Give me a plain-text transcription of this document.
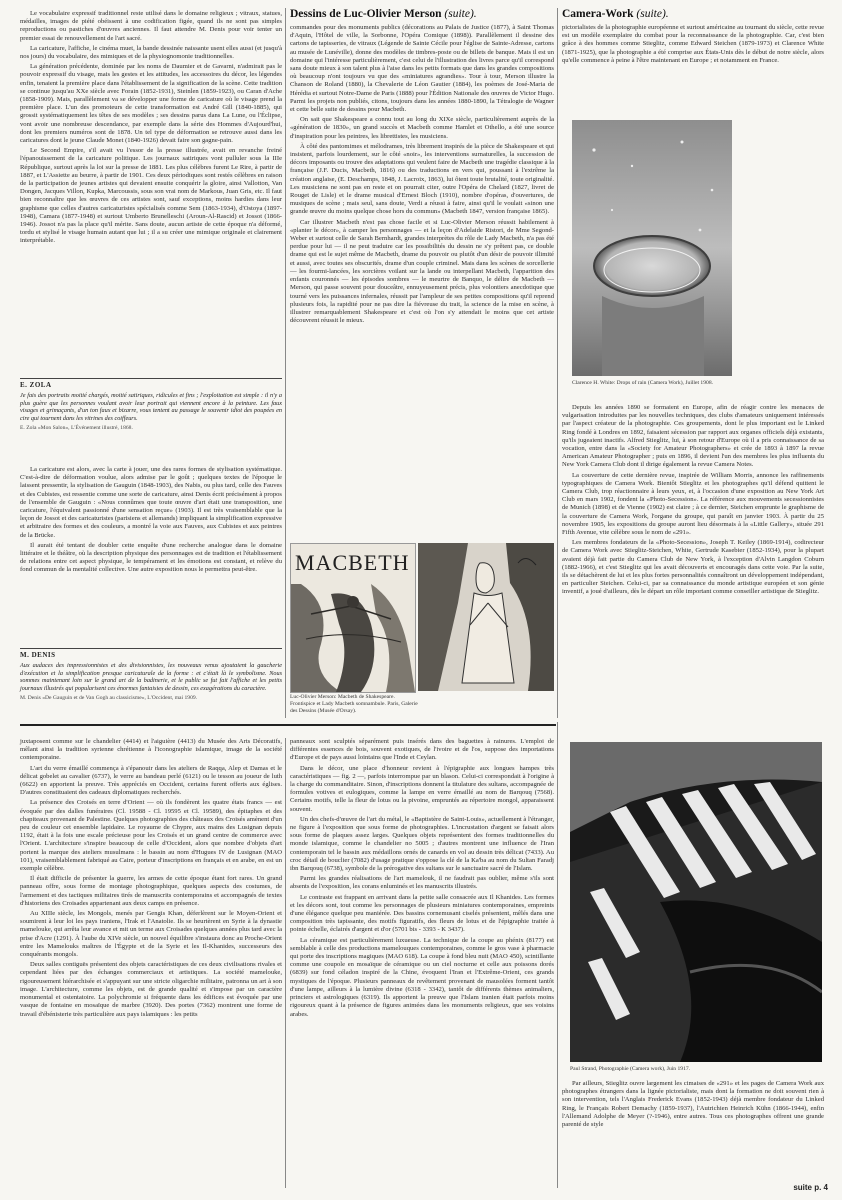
Le vocabulaire expressif traditionnel reste utilisé dans le domaine religieux ; vitraux, statues, médailles, images de piété obéissent à une codification figée, quand ils ne sont pas simples reproductions ou pastiches d'œuvres anciennes. Il faut attendre M. Denis pour voir tenter un premier essai de renouvellement de l'art sacré.

La caricature, l'affiche, le cinéma muet, la bande dessinée naissante usent elles aussi (et jusqu'à nos jours) du vocabulaire, des mimiques et de la physiognomonie traditionnelles.

La génération précédente, dominée par les noms de Daumier et de Gavarni, n'admirait pas le pouvoir expressif du visage, mais les gestes et les attitudes, les accessoires du décor, les légendes enfin, tenaient la première place dans l'établissement de la signification de la scène. Cette tradition se continue jusqu'au XXe siècle avec Forain (1852-1931), Steinlen (1859-1923), ou Caran d'Ache (1858-1909). Mais, parallèlement va se développer une forme de caricature où le visage prend la première place. L'un des promoteurs de cette transformation est André Gill (1840-1885), qui grossit systématiquement les têtes de ses modèles ; ses dessins parus dans La Lune, ou l'Éclipse, vont avoir une nombreuse descendance, par exemple dans la série des Hommes d'Aujourd'hui, dont les premiers numéros sont de 1878. Un tel type de déformation se retrouve aussi dans les caricatures dont le jeune Claude Monet (1840-1926) devait faire son gagne-pain.

Le Second Empire, s'il avait vu l'essor de la presse illustrée, avait en revanche freiné l'épanouissement de la caricature politique. Les journaux satiriques vont pulluler sous la IIIe République, surtout après la loi sur la presse de 1881. Les plus célèbres furent Le Rire, à partir de 1887, et L'Assiette au beurre, à partir de 1901. Ces deux périodiques sont restés célèbres en raison de la participation de jeunes artistes qui devaient ensuite conquérir la gloire, ainsi Vallotton, Van Dongen, Jacques Villon, Kupka, Marcoussis, sous son vrai nom de Markous, Juan Gris, etc. Il faut bien reconnaître que les œuvres de ces artistes sont, sauf exceptions, moins hardies dans leur graphisme que celles d'autres caricaturistes spécialisés comme Sem (1863-1934), d'Ostoya (1897-1948), Camara (1877-1948) et surtout Umberto Brunelleschi (Aroun-Al-Rascid) et Jossot (1866-1946). Jossot n'a pas la place qu'il mérite. Sans doute, aucun artiste de cette époque n'a déformé, tordu et stylisé le visage humain autant que lui ; il a su créer une mimique originale et clairement interprétable.

E. ZOLA
Je fais des portraits moitié chargés, moitié satiriques, ridicules et fins ; l'exploitation est simple : il n'y a plus guère que les personnes voulant avoir leur portrait qui viennent encore à la peinture. Les faux visages et grimaçants, d'un ton faux et bizarre, vous tentent au passage le souvenir idiot des poupées en cire qui tournent dans les vitrines des coiffeurs.
E. Zola «Mon Salon», L'Événement illustré, 1868.

La caricature est alors, avec la carte à jouer, une des rares formes de stylisation systématique. C'est-à-dire de déformation voulue, alors admise par le goût ; quelques textes de l'époque le laissent pressentir, la stylisation de Gauguin (1848-1903), des Nabis, ou plus tard, celle des Fauves et des Cubistes, est ressentie comme une sorte de caricature, ainsi Denis écrit précisément à propos de l'ensemble de Gauguin : «Nous connûmes que toute œuvre d'art était une transposition, une caricature, l'équivalent passionné d'une sensation reçue» (1903). Il est très vraisemblable que la leçon de Jossot et des caricaturistes (parisiens et allemands) impliquant la simplification expressive et arbitraire des formes et des couleurs, a montré la voie aux Fauves, aux Cubistes et aux peintres de la Brücke.

Il aurait été tentant de doubler cette enquête d'une recherche analogue dans le domaine littéraire et le théâtre, où la description physique des personnages est de tradition et l'établissement de relations entre cet aspect physique, le tempérament et les émotions est constant, et relève du fond commun de la mentalité collective. Une autre exposition nous le permettra peut-être.

M. DENIS
Aux audaces des impressionnistes et des divisionnistes, les nouveaux venus ajoutaient la gaucherie d'exécution et la simplification presque caricaturale de la forme : et c'était là le symbolisme. Nous sommes maintenant loin sur le grand art de la badinerie, et le public se fut fait l'affiche et les petits journaux illustrés qui popularisent ces énormes fantaisies de dessin, ces exagérations du caractère.
M. Denis «De Gauguin et de Van Gogh au classicisme», L'Occident, mai 1909.
Dessins de Luc-Olivier Merson (suite).

commandes pour des monuments publics (décorations au Palais de Justice (1877), à Saint Thomas d'Aquin, l'Hôtel de ville, la Sorbonne, l'Opéra Comique (1898)). Parallèlement il dessine des cartons de tapisseries, de vitraux (Légende de Sainte Cécile pour l'église de Sainte-Adresse, cartons au musée de Lunéville), donne des modèles de timbres-poste ou de billets de banque. Mais il est un domaine qui l'intéresse particulièrement, c'est celui de l'illustration des livres parce qu'il correspond sans doute mieux à son talent plus à l'aise dans les petits formats que dans les grandes compositions où beaucoup n'ont toujours vu que des «miniatures agrandies». Tour à tour, Merson illustre la Chanson de Roland (1880), la Chevalerie de Léon Gautier (1884), les poèmes de José-Maria de Hérédia et surtout Notre-Dame de Paris (1888) pour l'Édition Nationale des œuvres de Victor Hugo. Parmi les projets non publiés, citons, toujours dans les années 1880-1890, la Tétralogie de Wagner et cette belle suite de dessins pour Macbeth.

On sait que Shakespeare a connu tout au long du XIXe siècle, particulièrement auprès de la «génération de 1830», un grand succès et Macbeth comme Hamlet et Othello, a été une source d'inspiration pour les peintres, les librettistes, les musiciens.

À côté des pantomimes et mélodrames, très librement inspirés de la pièce de Shakespeare et qui insistent, parfois lourdement, sur le côté «noir», les interventions surnaturelles, la succession de décors imposants ou trouve des adaptations qui veulent faire de Macbeth une tragédie classique à la française (J.F. Ducis, Macbeth, 1816) ou des traductions en vers qui, poussant à l'extrême la création anglaise, (E. Deschamps, 1848, J. Lacroix, 1863), lui ôtent toute brutalité, toute originalité. Les musiciens ne sont pas en reste et on pourrait citer, outre l'Opéra de Chelard (1827, livret de Rouget de Lisle) et le drame musical d'Ernest Bloch (1910), nombre d'opéras, d'ouvertures, de musiques de scène ; mais seul, sans doute, Verdi a réussi à faire, ainsi qu'il le voulait «sinon une grande œuvre du moins quelque chose hors du commun» (Macbeth 1847, version française 1865).

Car illustrer Macbeth n'est pas chose facile et si Luc-Olivier Merson réussit habilement à «planter le décor», à camper les personnages — et la leçon d'Adelaide Ristori, de Mme Segond-Weber et surtout celle de Sarah Bernhardt, grandes interprètes du rôle de Lady Macbeth, n'a pas été perdue pour lui — il ne peut traduire car les possibilités du dessin ne s'y prêtent pas, ce double drame qui est le sujet même de Macbeth, drame du pouvoir ou plutôt d'un désir de pouvoir illimité et aussi, avec toutes ses obscurités, drame d'un couple criminel. Mais dans les scènes de sorcellerie — les fourmi-lancées, les sorcières voilant sur la lande ou interpellant Macbeth, l'apparition des enfants couronnés — les épisodes sombres — le meurtre de Banquo, le délire de Macbeth — Merson, qui passe souvent pour douceâtre, ennuyeusement précis, plus volontiers anecdotique que tourné vers les puissances infernales, réussit par l'ampleur de ses petites compositions qu'il reprend plusieurs fois, la rapidité pour ne pas dire la fiévreuse du trait, la science de la mise en scène, à illustrer remarquablement Shakespeare et c'est où l'on s'y attendait le moins que cet artiste découvrent réussit le mieux.

MACBETH
Luc-Olivier Merson: Macbeth de Shakespeare. Frontispice et Lady Macbeth somnambule. Paris, Galerie des Dessins (Musée d'Orsay).
Camera-Work (suite).

pictorialistes de la photographie européenne et surtout américaine au tournant du siècle, cette revue est un modèle exemplaire du combat pour la reconnaissance de la photographie. Car, c'est bien grâce à des hommes comme Stieglitz, comme Edward Steichen (1879-1973) et Clarence White (1871-1925), que la photographie a été comprise aux États-Unis dès le début de notre siècle, alors qu'elle commence à peine à l'être maintenant en Europe ; et notamment en France.

Clarence H. White: Drops of rain (Camera Work), Juillet 1908.

Depuis les années 1890 se formaient en Europe, afin de réagir contre les menaces de vulgarisation introduites par les nouvelles techniques, des clubs d'amateurs uniquement intéressés par l'aspect créateur de la photographie. Ces groupements, dont le plus important est le Linked Ring fondé à Londres en 1892, faisaient sécession par rapport aux organes officiels déjà existants, qu'ils jugeaient inactifs. Alfred Stieglitz, lui, à son retour d'Europe où il a pris connaissance de sa vocation, entre dans la «Society for Amateur Photographers» et crée de 1893 à 1897 la revue American Amateur Photographer ; puis en 1896, il devient l'un des membres les plus influents du New York Camera Club dont il dirige également la revue Camera Notes.

La couverture de cette dernière revue, inspirée de William Morris, annonce les raffinements typographiques de Camera Work. Bientôt Stieglitz et les photographes qu'il défend quittent le Camera Club, trop réactionnaire à leurs yeux, et, à l'occasion d'une exposition au New York Art Club en mars 1902, fondent la «Photo-Secession». La référence aux mouvements secessionnistes de Munich (1898) et de Vienne (1902) est claire ; à ce dernier, Steichen emprunte le graphisme de la couverture de Camera Work, l'organe du groupe, qui paraît en janvier 1903. À partir du 25 novembre 1905, les expositions du groupe auront lieu désormais à la «Little Gallery», située 291 Fifth Avenue, vite célèbre sous le nom de «291».

Les membres fondateurs de la «Photo-Secession», Joseph T. Keiley (1869-1914), codirecteur de Camera Work avec Stieglitz-Steichen, White, Gertrude Kasebier (1852-1934), pour la plupart avaient déjà fait partie du Camera Club de New York, à l'exception d'Alvin Langdon Coburn (1882-1966), et c'est Stieglitz qui les avait découverts et encouragés dans cette voie. Par la suite, ils se détachèrent de lui et les plus fortes personnalités connaîtront un développement indépendant, en particulier Steichen. Celui-ci, par sa connaissance du monde artistique européen et son génie inventif, a joué d'ailleurs, dès le départ un rôle important comme conseiller artistique de Stieglitz.

juxtaposent comme sur le chandelier (4414) et l'aiguière (4413) du Musée des Arts Décoratifs, mêlant ainsi la tradition syrienne chrétienne à l'iconographie islamique, image de la société contemporaine.

L'art du verre émaillé commença à s'épanouir dans les ateliers de Raqqa, Alep et Damas et le délicat gobelet au cavalier (6737), le verre au bandeau perlé (6121) ou le tesson au joueur de luth (6622) en apportent la preuve. Très appréciés en Occident, certains furent offerts aux églises. D'autres constituaient des cadeaux diplomatiques recherchés.

La présence des Croisés en terre d'Orient — où ils fondèrent les quatre états francs — est évoquée par des dalles funéraires (Cl. 19588 - Cl. 19595 et Cl. 19589), des épitaphes et des chapiteaux provenant de Palestine. Quelques photographies des châteaux des Croisés amènent d'un peu de couleur cet ensemble lapidaire. Le royaume de Chypre, aux mains des Lusignan depuis 1192, était à la fois une escale précieuse pour les Croisés et un grand centre de commerce avec l'Orient. L'architecture s'inspire beaucoup de celle d'Occident, alors que nombre d'objets d'art portent la marque des ateliers musulmans : le bassin au nom d'Hugues IV de Lusignan (MAO 101), vraisemblablement fabriqué au Caire, porteur d'inscriptions en français et en arabe, en est un exemple célèbre.

Il était difficile de présenter la guerre, les armes de cette époque étant fort rares. Un grand panneau offre, sous forme de montage photographique, quelques aspects des costumes, de l'armement et des tactiques militaires tirés de manuscrits contemporains et accompagnés de textes d'historiens des Croisades appartenant aux deux camps en présence.

Au XIIIe siècle, les Mongols, menés par Gengis Khan, déferlèrent sur le Moyen-Orient et soumirent à leur loi les pays iraniens, l'Irak et l'Anatolie. Ils se heurtèrent en Syrie à la dynastie mamelouke, qui arrêta leur avance et mit un terme aux Croisades quelques années plus tard avec la prise d'Acre (1291). À l'aube du XIVe siècle, un nouvel équilibre s'instaura donc au Proche-Orient entre les Mamelouks maîtres de l'Égypte et de la Syrie et les Il-Khanides, successeurs des conquérants mongols.

Deux salles contiguës présentent des objets caractéristiques de ces deux civilisations rivales et cependant liées par des échanges commerciaux et artistiques. La société mamelouke, rigoureusement hiérarchisée et s'appuyant sur une stricte oligarchie militaire, patronna un art à son image. L'architecture, comme les objets, est de grande qualité et s'impose par un caractère monumental et ostentatoire. La polychromie si fréquente dans les édifices est évoquée par une vasque de fontaine en mosaïque de marbre (3920). Des portes (7362) montrent une forme de travail d'ébénisterie très particulière aux pays islamiques : les petits

panneaux sont sculptés séparément puis insérés dans des baguettes à rainures. L'emploi de différentes essences de bois, souvent exotiques, de l'ivoire et de l'os, suppose des importations d'Europe et de pays aussi lointains que l'Inde et Ceylan.

Dans le décor, une place d'honneur revient à l'épigraphie aux longues hampes très caractéristiques — fig. 2 —, parfois interrompue par un blason. Celui-ci correspondait à l'origine à la charge du commanditaire. Sinon, d'inscriptions donnent la titulature des sultans, accompagnée de formules votives et eulogiques, comme la lampe en verre émaillé au nom de Barqouq (7568). Certains motifs, telle la fleur de lotus ou la pivoine, empruntés au répertoire mongol, apparaissent souvent.

Un des chefs-d'œuvre de l'art du métal, le «Baptistère de Saint-Louis», actuellement à l'étranger, ne figure à l'exposition que sous forme de photographies. L'incrustation d'argent se faisait alors sous forme de plaques assez larges. Quelques objets représentent des formes traditionnelles du monde islamique, comme le chandelier no 5005 ; d'autres montrent une influence de l'Iran contemporain tel le bassin aux médaillons ornés de canards en vol au dessin très délicat (7433). Au croc détail de bouclier (7082) d'usage pratique s'oppose la clé de la Ka'ba au nom du Sultan Faradj ibn Barqouq (6738), symbole de la prérogative des sultans sur le sanctuaire sacré de l'Islam.

Parmi les grandes réalisations de l'art mamelouk, il ne faudrait pas oublier, même s'ils sont absents de l'exposition, les corans enluminés et les manuscrits illustrés.

Le contraste est frappant en arrivant dans la petite salle consacrée aux Il Khanides. Les formes et les décors sont, tout comme les personnages de plusieurs miniatures contemporaines, empreints d'une élégance quelque peu maniérée. Des bassins cornemusant ciselés présentent, mêlés dans une composition très tapissante, des motifs figuratifs, des fleurs de lotus et de l'épigraphie traitée à pointe échelle, éclairés d'argent et d'or (5701 bis - 3393 - K 3437).

La céramique est particulièrement luxueuse. La technique de la coupe au phénix (8177) est semblable à celle des productions mamelouques contemporaines, comme le gros vase à pharmacie qui porte des inscriptions magiques (MAO 618). La coupe à fond bleu nuit (MAO 450), scintillante comme une coupole en mosaïque de céramique ou un ciel nocturne et celle aux poissons dorés (6839) sur fond céladon inspiré de la Chine, évoquent l'Iran et l'Extrême-Orient, ces grands mystiques de l'époque. Plusieurs panneaux de revêtement provenant de mausolées forment tantôt d'une lampe, ailleurs à la lumière divine (6318 - 3342), tantôt de différents thèmes animaliers, princiers et astrologiques (6319). Ils apportent la preuve que l'Islam iranien était parfois moins rigoureux quant à la présence de figures animées dans les monuments religieux, que ses voisins arabes.

Paul Strand, Photographie (Camera work), Juin 1917.

Par ailleurs, Stieglitz ouvre largement les cimaises de «291» et les pages de Camera Work aux photographes étrangers dans la lignée pictorialiste, mais dont la formation ne doit souvent rien à son intervention, tels l'Anglais Frederick Evans (1852-1943) déjà membre fondateur du Linked Ring, le Français Robert Demachy (1859-1937), l'Autrichien Heinrich Kühn (1866-1944), enfin l'Allemand Adolphe de Meyer (?-1946), entre autres. Tous ces photographes offrent une grande parenté de style

suite p. 4
